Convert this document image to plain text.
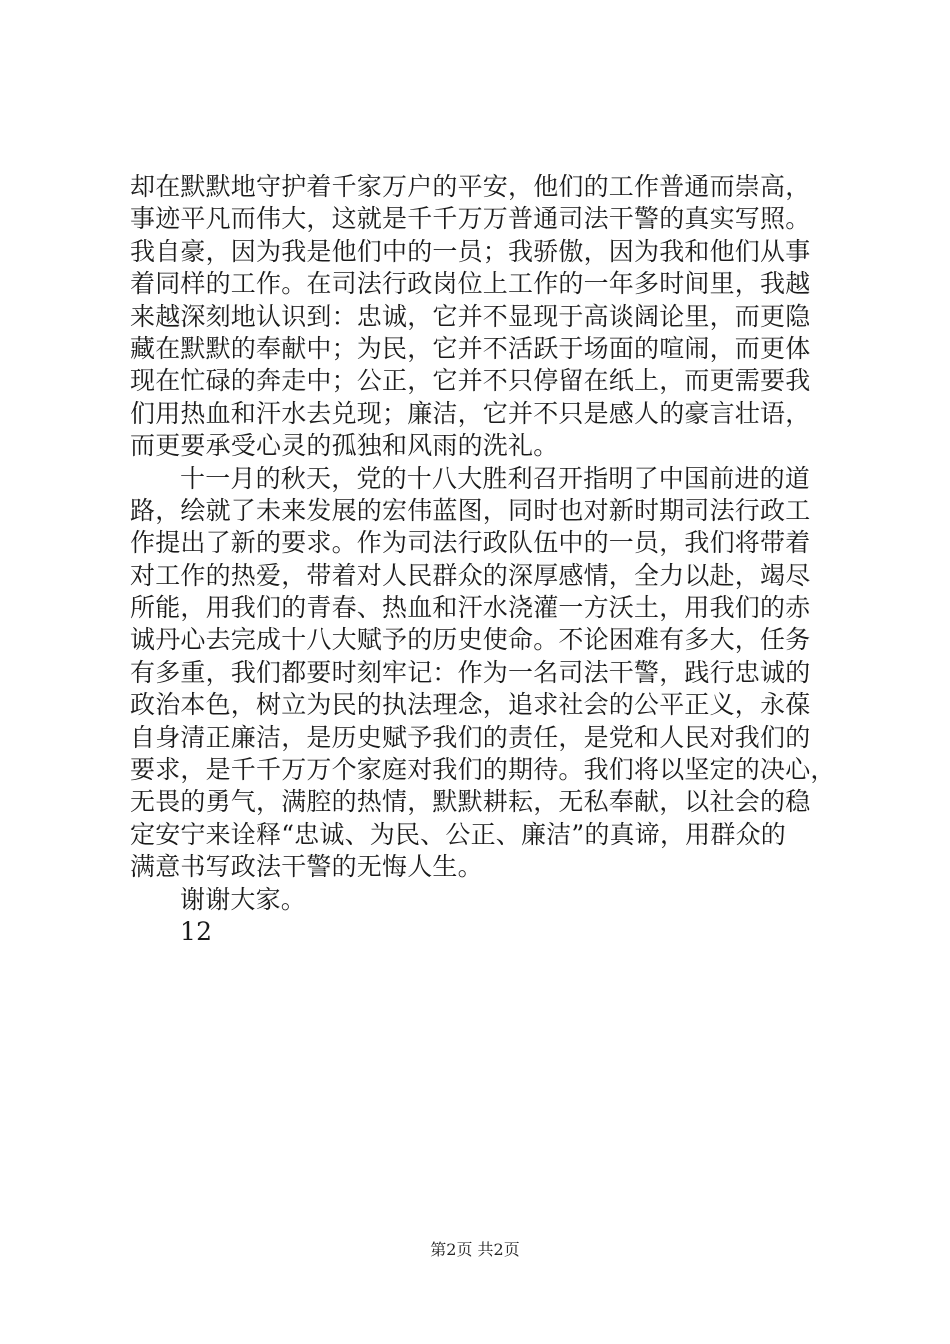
却在默默地守护着千家万户的平安，他们的工作普通而崇高，
事迹平凡而伟大，这就是千千万万普通司法干警的真实写照。
我自豪，因为我是他们中的一员；我骄傲，因为我和他们从事
着同样的工作。在司法行政岗位上工作的一年多时间里，我越
来越深刻地认识到：忠诚，它并不显现于高谈阔论里，而更隐
藏在默默的奉献中；为民，它并不活跃于场面的喧闹，而更体
现在忙碌的奔走中；公正，它并不只停留在纸上，而更需要我
们用热血和汗水去兑现；廉洁，它并不只是感人的豪言壮语，
而更要承受心灵的孤独和风雨的洗礼。
十一月的秋天，党的十八大胜利召开指明了中国前进的道
路，绘就了未来发展的宏伟蓝图，同时也对新时期司法行政工
作提出了新的要求。作为司法行政队伍中的一员，我们将带着
对工作的热爱，带着对人民群众的深厚感情，全力以赴，竭尽
所能，用我们的青春、热血和汗水浇灌一方沃土，用我们的赤
诚丹心去完成十八大赋予的历史使命。不论困难有多大，任务
有多重，我们都要时刻牢记：作为一名司法干警，践行忠诚的
政治本色，树立为民的执法理念，追求社会的公平正义，永葆
自身清正廉洁，是历史赋予我们的责任，是党和人民对我们的
要求，是千千万万个家庭对我们的期待。我们将以坚定的决心，
无畏的勇气，满腔的热情，默默耕耘，无私奉献，以社会的稳
定安宁来诠释“忠诚、为民、公正、廉洁”的真谛，用群众的
满意书写政法干警的无悔人生。
谢谢大家。
12
第2页 共2页
